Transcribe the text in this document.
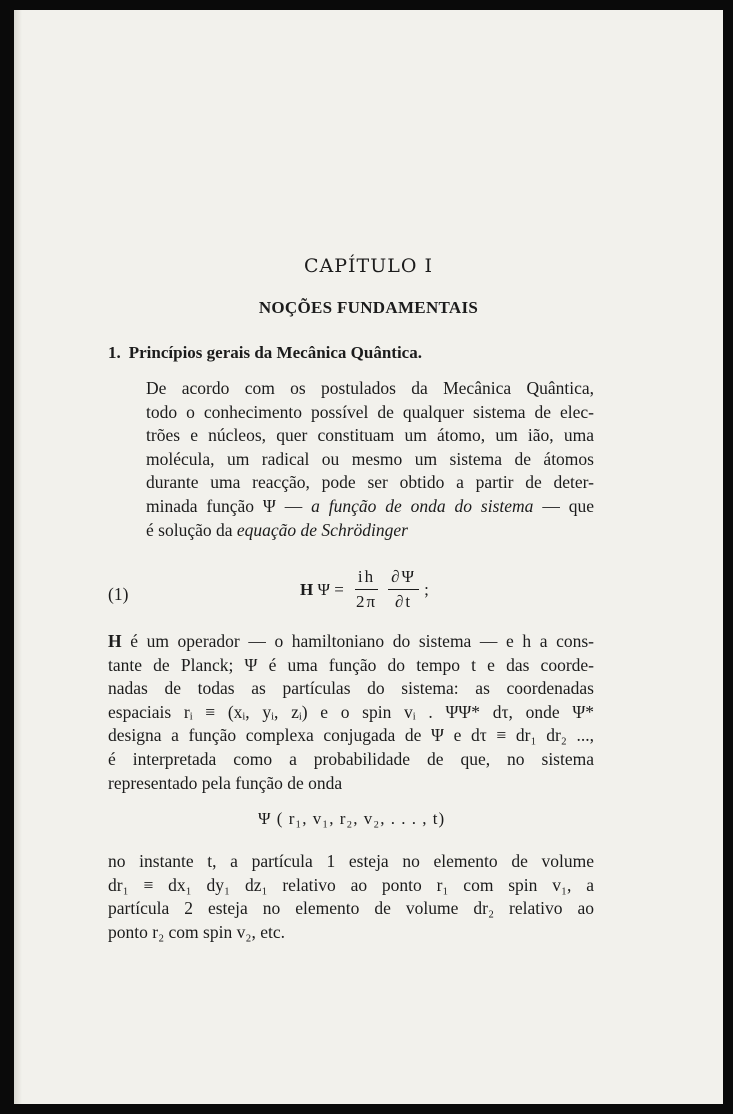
CAPÍTULO I
NOÇÕES FUNDAMENTAIS
1. Princípios gerais da Mecânica Quântica.
De acordo com os postulados da Mecânica Quântica,
todo o conhecimento possível de qualquer sistema de elec-
trões e núcleos, quer constituam um átomo, um ião, uma
molécula, um radical ou mesmo um sistema de átomos
durante uma reacção, pode ser obtido a partir de deter-
minada função Ψ — a função de onda do sistema — que
é solução da equação de Schrödinger
(1)	H $\Psi = \frac{ih}{2\pi} \frac{\partial\Psi}{\partial t}$ ;
H é um operador — o hamiltoniano do sistema — e h a cons-
tante de Planck; Ψ é uma função do tempo t e das coorde-
nadas de todas as partículas do sistema: as coordenadas
espaciais rᵢ ≡ (xᵢ, yᵢ, zᵢ) e o spin vᵢ . ΨΨ* dτ, onde Ψ*
designa a função complexa conjugada de Ψ e dτ ≡ dr₁ dr₂ ...,
é interpretada como a probabilidade de que, no sistema
representado pela função de onda
Ψ ( r₁, v₁, r₂, v₂, . . . , t)
no instante t, a partícula 1 esteja no elemento de volume
dr₁ ≡ dx₁ dy₁ dz₁ relativo ao ponto r₁ com spin v₁, a
partícula 2 esteja no elemento de volume dr₂ relativo ao
ponto r₂ com spin v₂, etc.
